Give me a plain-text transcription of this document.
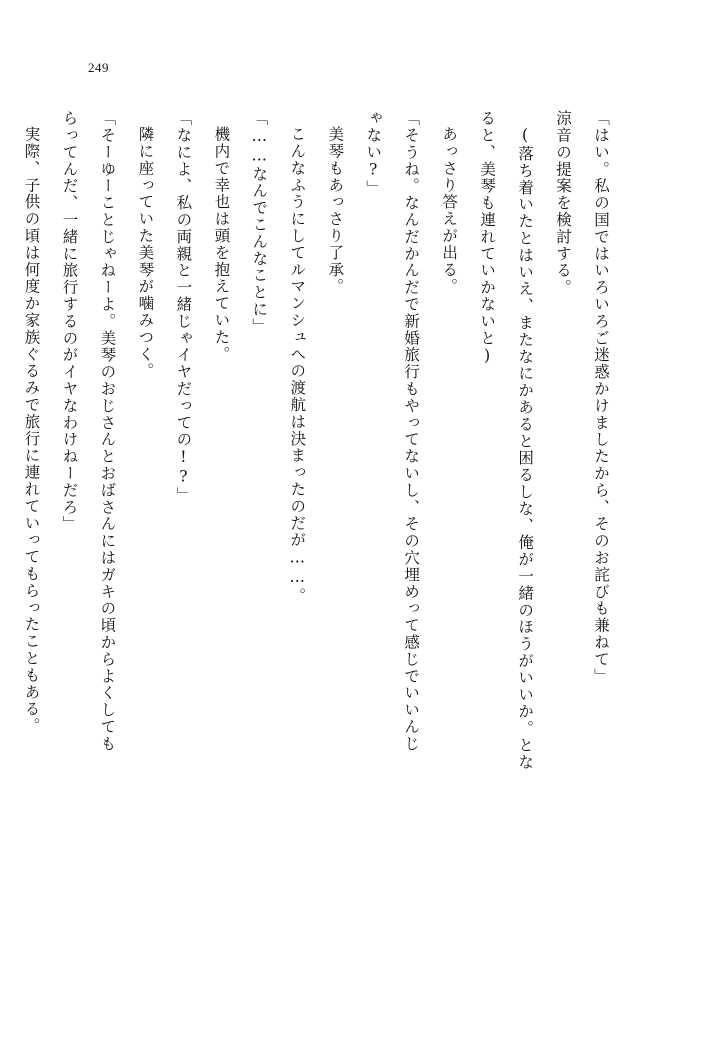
249
「はい。私の国ではいろいろご迷惑かけましたから、そのお詫びも兼ねて」
涼音の提案を検討する。
(落ち着いたとはいえ、またなにかあると困るしな、俺が一緒のほうがいいか。とな
ると、美琴も連れていかないと)
あっさり答えが出る。
「そうね。なんだかんだで新婚旅行もやってないし、その穴埋めって感じでいいんじ
ゃない?」
美琴もあっさり了承。
こんなふうにしてルマンシュへの渡航は決まったのだが……。
「……なんでこんなことに」
機内で幸也は頭を抱えていた。
「なによ、私の両親と一緒じゃイヤだっての!?」
隣に座っていた美琴が噛みつく。
「そーゆーことじゃねーよ。美琴のおじさんとおばさんにはガキの頃からよくしても
らってんだ、一緒に旅行するのがイヤなわけねーだろ」
実際、子供の頃は何度か家族ぐるみで旅行に連れていってもらったこともある。
